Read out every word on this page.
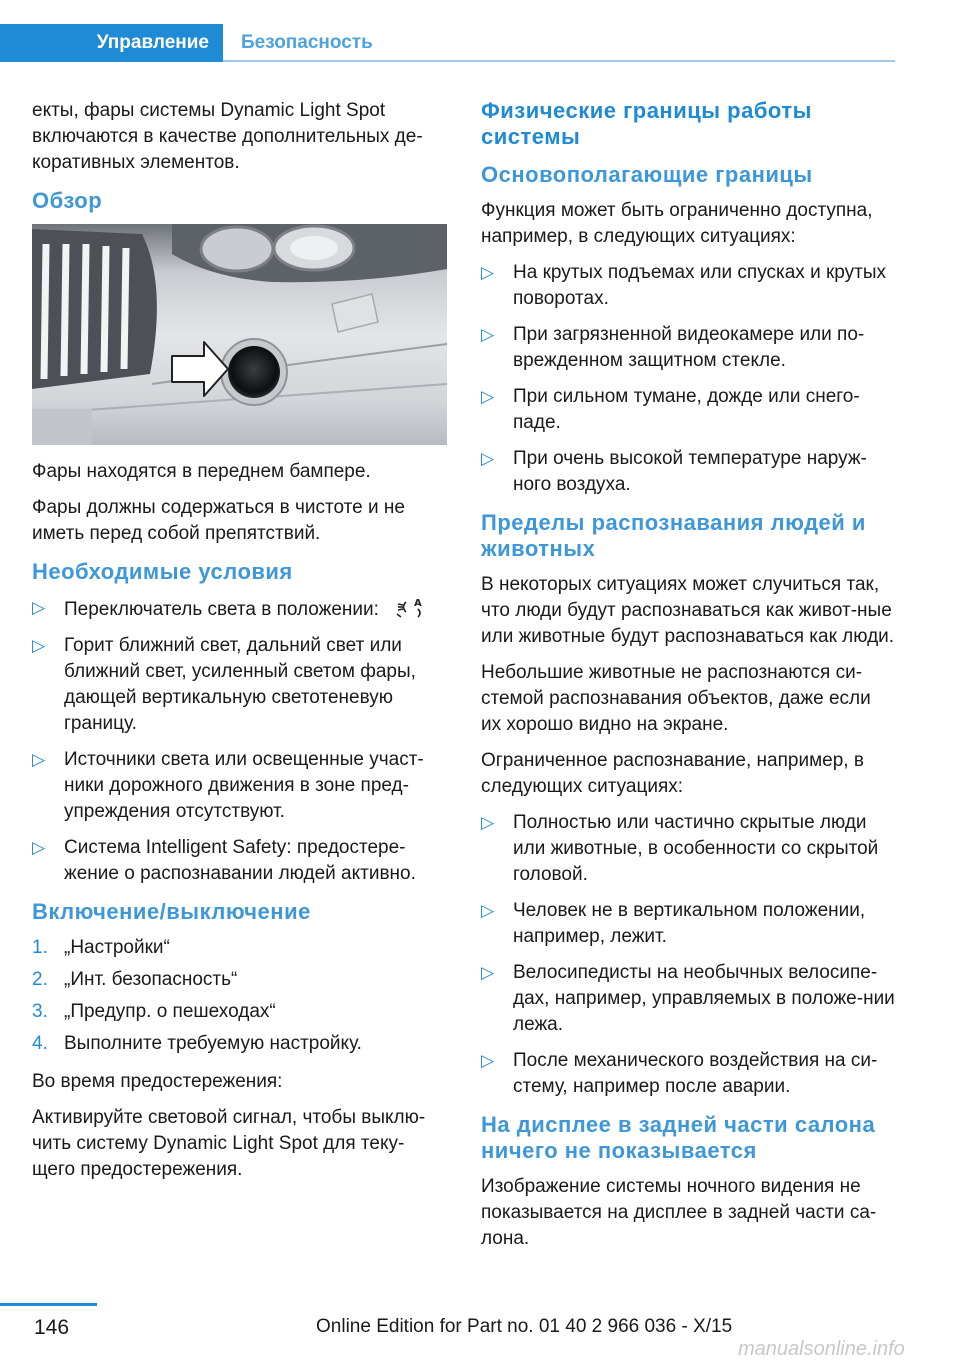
Управление	Безопасность

екты, фары системы Dynamic Light Spot включаются в качестве дополнительных де-коративных элементов.

Обзор

Фары находятся в переднем бампере.

Фары должны содержаться в чистоте и не иметь перед собой препятствий.

Необходимые условия
▷ Переключатель света в положении:	A
▷ Горит ближний свет, дальний свет или ближний свет, усиленный светом фары, дающей вертикальную светотеневую границу.
▷ Источники света или освещенные участ-ники дорожного движения в зоне пред-упреждения отсутствуют.
▷ Система Intelligent Safety: предостере-жение о распознавании людей активно.
Включение/выключение
1. „Настройки“
2. „Инт. безопасность“
3. „Предупр. о пешеходах“
4. Выполните требуемую настройку.

Во время предостережения:

Активируйте световой сигнал, чтобы выклю-чить систему Dynamic Light Spot для теку-щего предостережения.

Физические границы работы системы
Основополагающие границы

Функция может быть ограниченно доступна, например, в следующих ситуациях:

▷ На крутых подъемах или спусках и крутых поворотах.
▷ При загрязненной видеокамере или по-врежденном защитном стекле.
▷ При сильном тумане, дожде или снего-паде.
▷ При очень высокой температуре наруж-ного воздуха.
Пределы распознавания людей и животных

В некоторых ситуациях может случиться так, что люди будут распознаваться как живот-ные или животные будут распознаваться как люди.

Небольшие животные не распознаются си-стемой распознавания объектов, даже если их хорошо видно на экране.

Ограниченное распознавание, например, в следующих ситуациях:

▷ Полностью или частично скрытые люди или животные, в особенности со скрытой головой.
▷ Человек не в вертикальном положении, например, лежит.
▷ Велосипедисты на необычных велосипе-дах, например, управляемых в положе-нии лежа.
▷ После механического воздействия на си-стему, например после аварии.
На дисплее в задней части салона ничего не показывается

Изображение системы ночного видения не показывается на дисплее в задней части са-лона.

146	Online Edition for Part no. 01 40 2 966 036 - X/15
manualsonline.info
